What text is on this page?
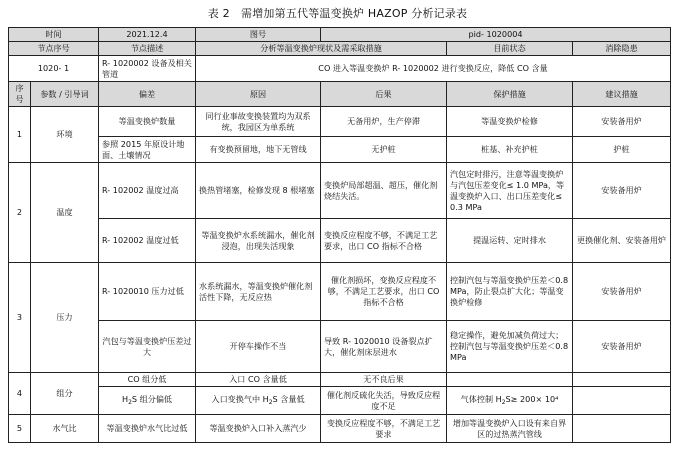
表 2　需增加第五代等温变换炉 HAZOP 分析记录表
时间		2021.12.4	图号	pid- 1020004		
节点序号		节点描述	分析等温变换炉现状及需采取措施		目前状态	消除隐患
1020- 1		R- 1020002 设备及相关管道	CO 进入等温变换炉 R- 1020002 进行变换反应，降低 CO 含量			
序号	参数 / 引导词	偏差	原因	后果	保护措施	建议措施
1	环境	等温变换炉数量	同行业事故变换装置均为双系统，我园区为单系统	无备用炉，生产停滞	等温变换炉检修	安装备用炉
		参照 2015 年原设计地面、土壤情况	有变换预留地，地下无管线	无护桩	桩基、补充护桩	护桩
2	温度	R- 102002 温度过高	换热管堵塞，检修发现 8 根堵塞	变换炉局部超温、超压，催化剂烧结失活。	汽包定时排污，注意等温变换炉与汽包压差变化≤ 1.0 MPa，等温变换炉入口、出口压差变化≤ 0.3 MPa	安装备用炉
		R- 102002 温度过低	等温变换炉水系统漏水，催化剂浸泡，出现失活现象	变换反应程度不够，不满足工艺要求，出口 CO 指标不合格	提温运转、定时排水	更换催化剂、安装备用炉
3	压力	R- 1020010 压力过低	水系统漏水，等温变换炉催化剂活性下降，无反应热	催化剂损坏，变换反应程度不够，不满足工艺要求，出口 CO 指标不合格	控制汽包与等温变换炉压差＜0.8 MPa，防止裂点扩大化；等温变换炉检修	安装备用炉
		汽包与等温变换炉压差过大	开停车操作不当	导致 R- 1020010 设备裂点扩大，催化剂床层进水	稳定操作，避免加减负荷过大；控制汽包与等温变换炉压差＜0.8 MPa	安装备用炉
4	组分	CO 组分低	入口 CO 含量低	无不良后果		
		$H_2S$ 组分偏低	入口变换气中 $H_2S$ 含量低	催化剂反硫化失活，导致反应程度不足	气体控制 $H_2S\ge 200\times 10^4$	
5	水气比	等温变换炉水气比过低	等温变换炉入口补入蒸汽少	变换反应程度不够，不满足工艺要求	增加等温变换炉入口设有来自界区的过热蒸汽管线	
